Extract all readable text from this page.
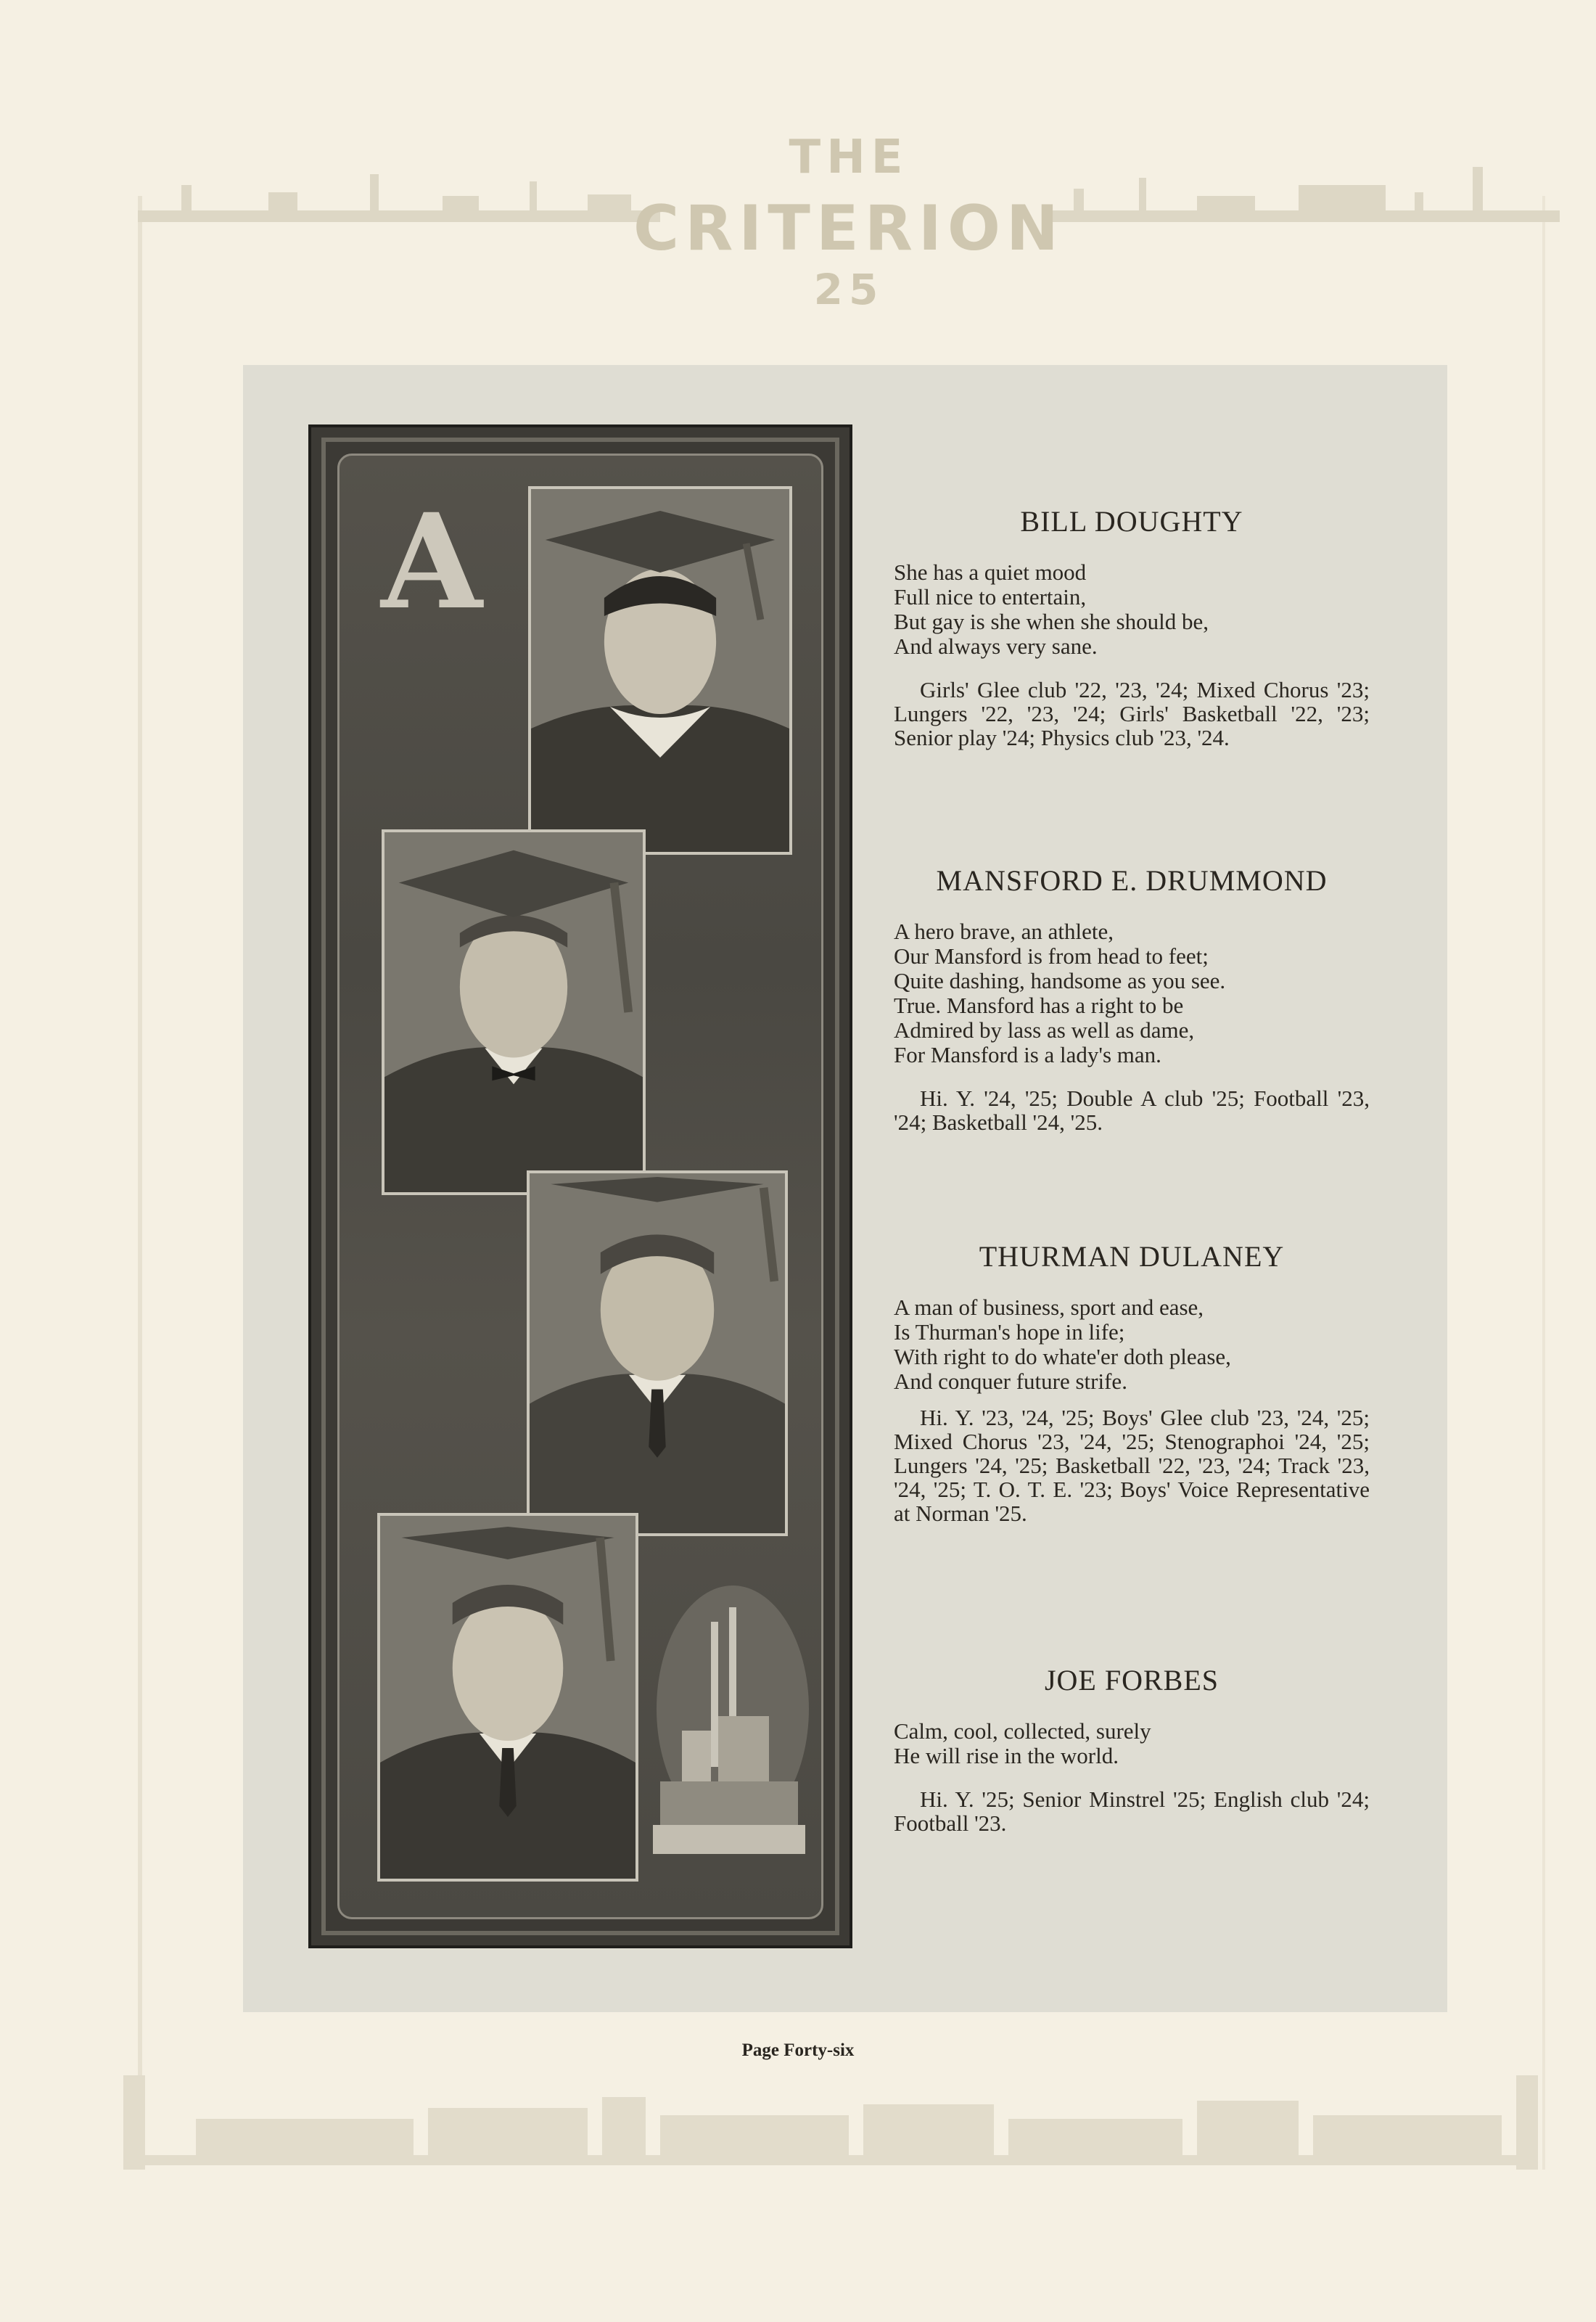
THE
CRITERION
25
A	BILL DOUGHTY
She has a quiet mood
Full nice to entertain,
But gay is she when she should be,
And always very sane.
Girls' Glee club '22, '23, '24; Mixed Chorus '23; Lungers '22, '23, '24; Girls' Basketball '22, '23; Senior play '24; Physics club '23, '24.
MANSFORD E. DRUMMOND
A hero brave, an athlete,
Our Mansford is from head to feet;
Quite dashing, handsome as you see.
True. Mansford has a right to be
Admired by lass as well as dame,
For Mansford is a lady's man.
Hi. Y. '24, '25; Double A club '25; Football '23, '24; Basketball '24, '25.
THURMAN DULANEY
A man of business, sport and ease,
Is Thurman's hope in life;
With right to do whate'er doth please,
And conquer future strife.
Hi. Y. '23, '24, '25; Boys' Glee club '23, '24, '25; Mixed Chorus '23, '24, '25; Stenographoi '24, '25; Lungers '24, '25; Basketball '22, '23, '24; Track '23, '24, '25; T. O. T. E. '23; Boys' Voice Representative at Norman '25.
JOE FORBES
Calm, cool, collected, surely
He will rise in the world.
Hi. Y. '25; Senior Minstrel '25; English club '24; Football '23.
Page Forty-six
